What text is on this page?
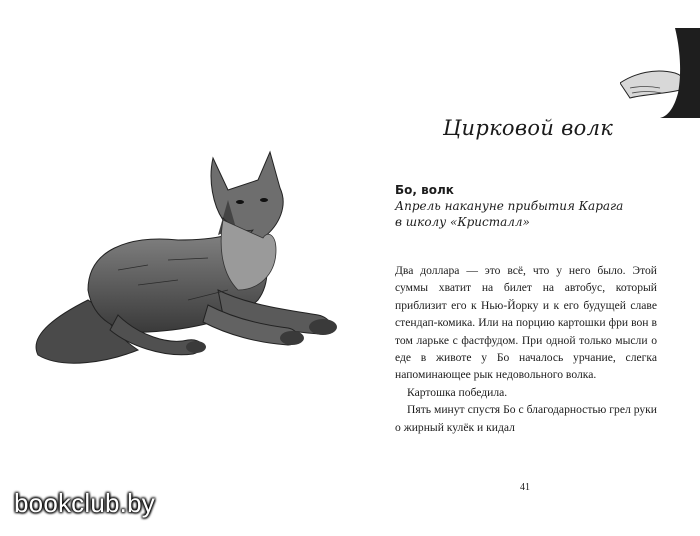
Цирковой волк
Бо, волк
Апрель накануне прибытия Карага
в школу «Кристалл»

Два доллара — это всё, что у него было. Этой суммы хватит на билет на автобус, который приблизит его к Нью-Йорку и к его будущей славе стендап-комика. Или на порцию картошки фри вон в том ларьке с фастфудом. При одной только мысли о еде в животе у Бо началось урчание, слегка напоминающее рык недовольного волка.

Картошка победила.

Пять минут спустя Бо с благодарностью грел руки о жирный кулёк и кидал

41
bookclub.by
